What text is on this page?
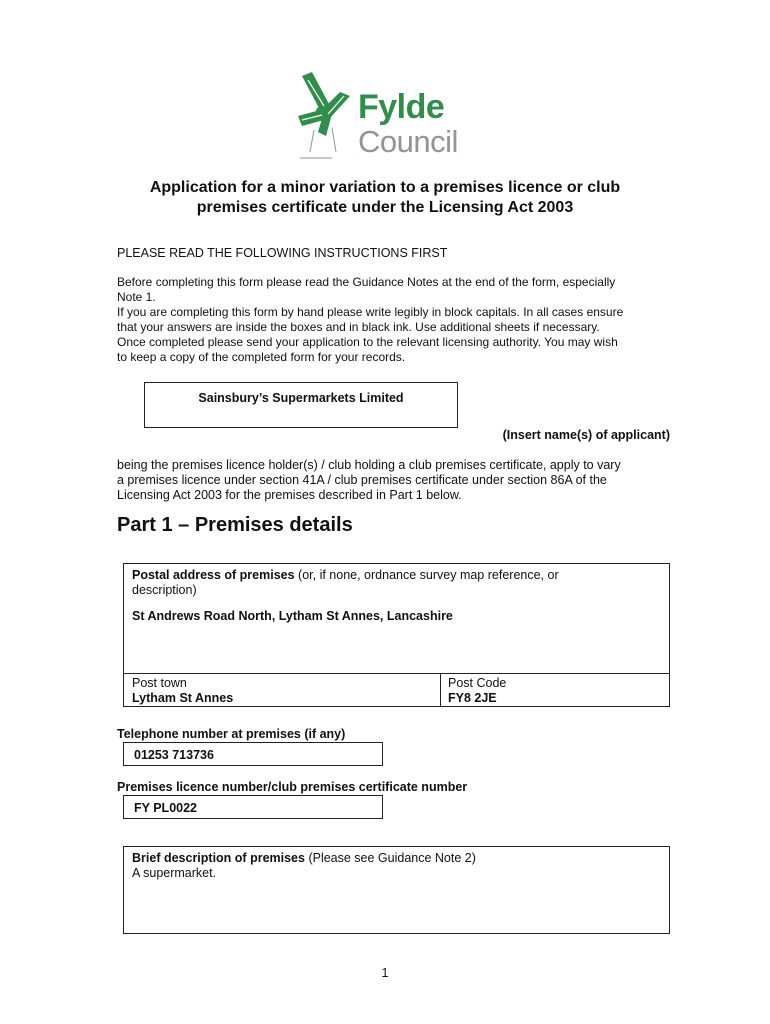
Fylde
Council
Application for a minor variation to a premises licence or club
premises certificate under the Licensing Act 2003
PLEASE READ THE FOLLOWING INSTRUCTIONS FIRST
Before completing this form please read the Guidance Notes at the end of the form, especially
Note 1.
If you are completing this form by hand please write legibly in block capitals. In all cases ensure
that your answers are inside the boxes and in black ink. Use additional sheets if necessary.
Once completed please send your application to the relevant licensing authority. You may wish
to keep a copy of the completed form for your records.
Sainsbury’s Supermarkets Limited
(Insert name(s) of applicant)
being the premises licence holder(s) / club holding a club premises certificate, apply to vary
a premises licence under section 41A / club premises certificate under section 86A of the
Licensing Act 2003 for the premises described in Part 1 below.
Part 1 – Premises details
Postal address of premises (or, if none, ordnance survey map reference, or
description)
St Andrews Road North, Lytham St Annes, Lancashire
Post town
Lytham St Annes
Post Code
FY8 2JE
Telephone number at premises (if any)
01253 713736
Premises licence number/club premises certificate number
FY PL0022
Brief description of premises (Please see Guidance Note 2)
A supermarket.
1
